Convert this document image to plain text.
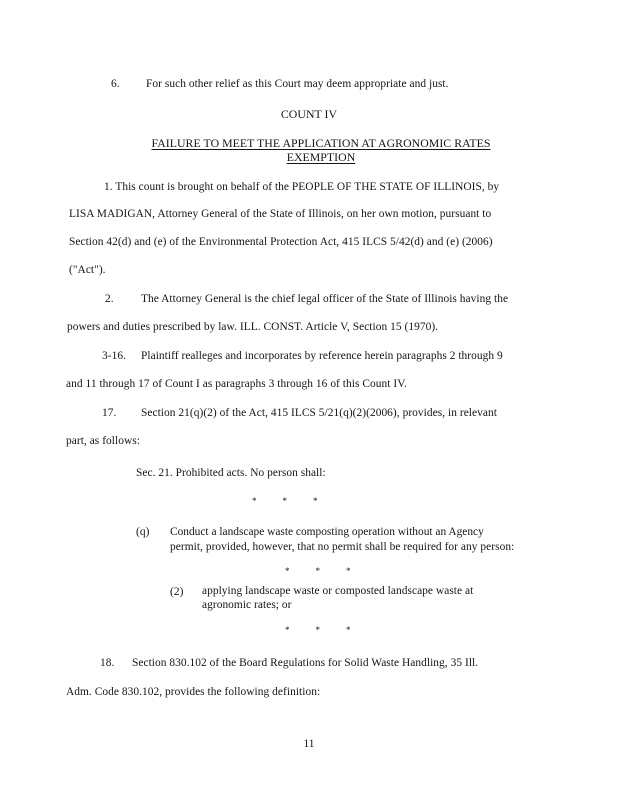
6. For such other relief as this Court may deem appropriate and just.
COUNT IV
FAILURE TO MEET THE APPLICATION AT AGRONOMIC RATES
EXEMPTION
1. This count is brought on behalf of the PEOPLE OF THE STATE OF ILLINOIS, by
LISA MADIGAN, Attorney General of the State of Illinois, on her own motion, pursuant to
Section 42(d) and (e) of the Environmental Protection Act, 415 ILCS 5/42(d) and (e) (2006)
("Act").
2. The Attorney General is the chief legal officer of the State of Illinois having the
powers and duties prescribed by law. ILL. CONST. Article V, Section 15 (1970).
3-16. Plaintiff realleges and incorporates by reference herein paragraphs 2 through 9
and 11 through 17 of Count I as paragraphs 3 through 16 of this Count IV.
17. Section 21(q)(2) of the Act, 415 ILCS 5/21(q)(2)(2006), provides, in relevant
part, as follows:
Sec. 21. Prohibited acts. No person shall:
*	*	*
(q) Conduct a landscape waste composting operation without an Agency
permit, provided, however, that no permit shall be required for any person:
*	*	*
(2) applying landscape waste or composted landscape waste at
agronomic rates; or
*	*	*
18. Section 830.102 of the Board Regulations for Solid Waste Handling, 35 Ill.
Adm. Code 830.102, provides the following definition:
11
